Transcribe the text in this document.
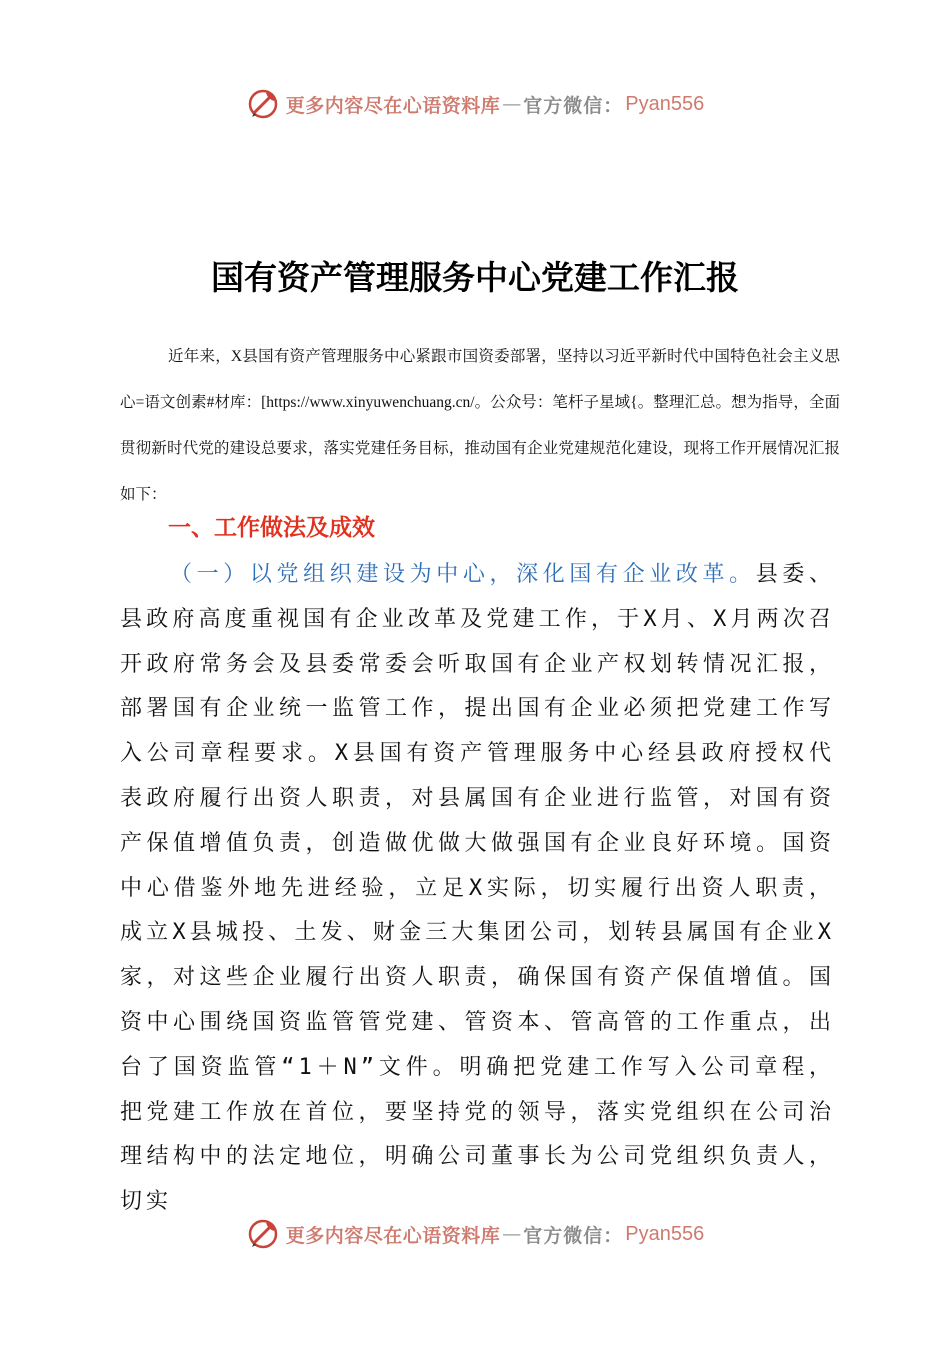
更多内容尽在心语资料库 — 官方微信： Pyan556
国有资产管理服务中心党建工作汇报
近年来，X县国有资产管理服务中心紧跟市国资委部署，坚持以习近平新时代中国特色社会主义思心=语文创素#材库：[https://www.xinyuwenchuang.cn/。公众号：笔杆子星域{。整理汇总。想为指导，全面贯彻新时代党的建设总要求，落实党建任务目标，推动国有企业党建规范化建设，现将工作开展情况汇报如下：
一、工作做法及成效
（一）以党组织建设为中心，深化国有企业改革。县委、县政府高度重视国有企业改革及党建工作，于X月、X月两次召开政府常务会及县委常委会听取国有企业产权划转情况汇报，部署国有企业统一监管工作，提出国有企业必须把党建工作写入公司章程要求。X县国有资产管理服务中心经县政府授权代表政府履行出资人职责，对县属国有企业进行监管，对国有资产保值增值负责，创造做优做大做强国有企业良好环境。国资中心借鉴外地先进经验，立足X实际，切实履行出资人职责，成立X县城投、土发、财金三大集团公司，划转县属国有企业X家，对这些企业履行出资人职责，确保国有资产保值增值。国资中心围绕国资监管管党建、管资本、管高管的工作重点，出台了国资监管“1＋N”文件。明确把党建工作写入公司章程，把党建工作放在首位，要坚持党的领导，落实党组织在公司治理结构中的法定地位，明确公司董事长为公司党组织负责人，切实
更多内容尽在心语资料库 — 官方微信： Pyan556
